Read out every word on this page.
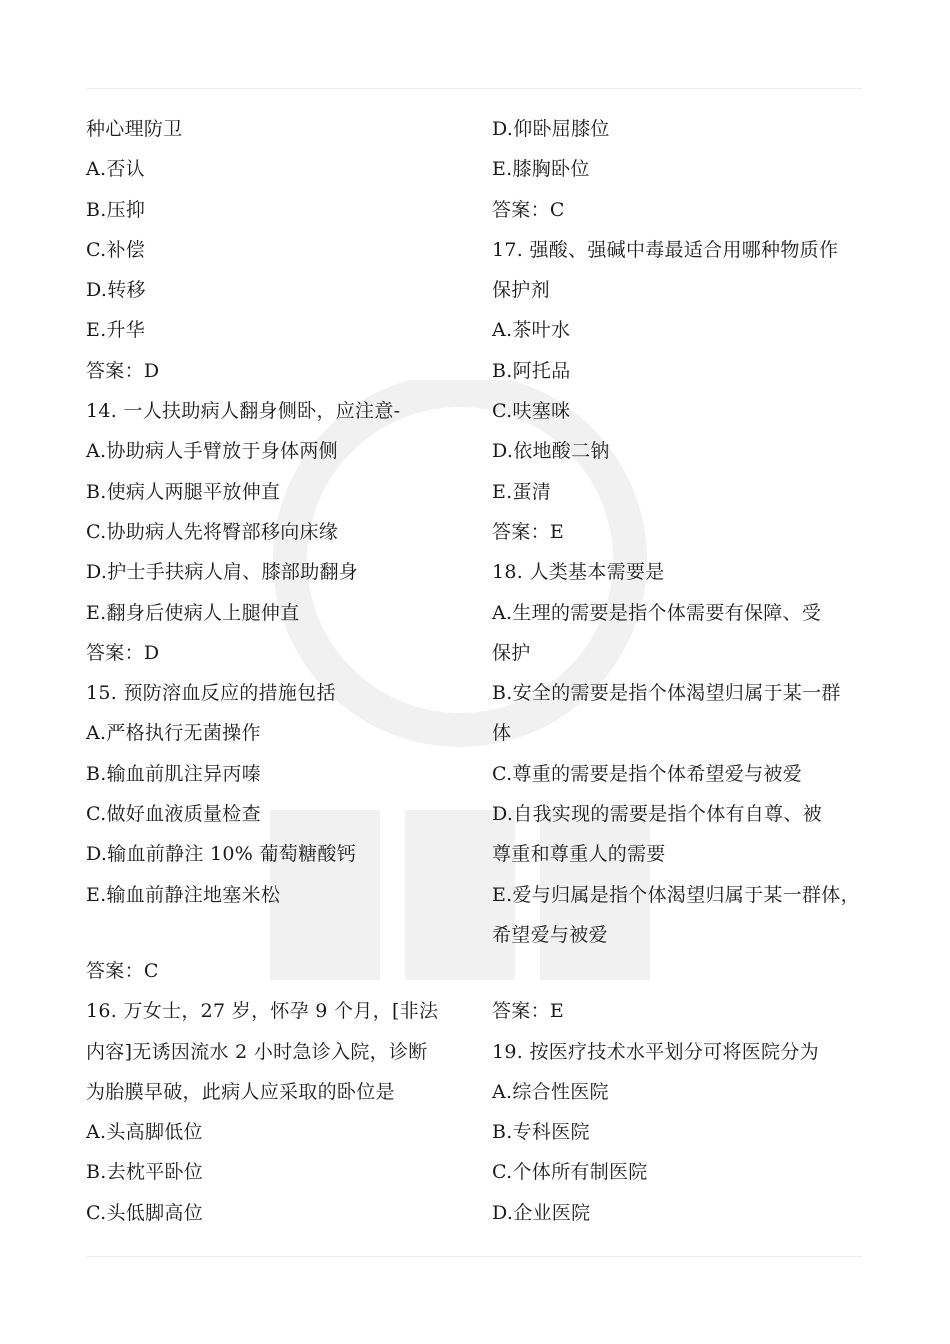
种心理防卫
A.否认
B.压抑
C.补偿
D.转移
E.升华
答案：D
14. 一人扶助病人翻身侧卧，应注意-
A.协助病人手臂放于身体两侧
B.使病人两腿平放伸直
C.协助病人先将臀部移向床缘
D.护士手扶病人肩、膝部助翻身
E.翻身后使病人上腿伸直
答案：D
15. 预防溶血反应的措施包括
A.严格执行无菌操作
B.输血前肌注异丙嗪
C.做好血液质量检查
D.输血前静注 10% 葡萄糖酸钙
E.输血前静注地塞米松
答案：C
16. 万女士，27 岁，怀孕 9 个月，[非法
内容]无诱因流水 2 小时急诊入院，诊断
为胎膜早破，此病人应采取的卧位是
A.头高脚低位
B.去枕平卧位
C.头低脚高位
D.仰卧屈膝位
E.膝胸卧位
答案：C
17. 强酸、强碱中毒最适合用哪种物质作
保护剂
A.茶叶水
B.阿托品
C.呋塞咪
D.依地酸二钠
E.蛋清
答案：E
18. 人类基本需要是
A.生理的需要是指个体需要有保障、受
保护
B.安全的需要是指个体渴望归属于某一群
体
C.尊重的需要是指个体希望爱与被爱
D.自我实现的需要是指个体有自尊、被
尊重和尊重人的需要
E.爱与归属是指个体渴望归属于某一群体，
希望爱与被爱
答案：E
19. 按医疗技术水平划分可将医院分为
A.综合性医院
B.专科医院
C.个体所有制医院
D.企业医院
